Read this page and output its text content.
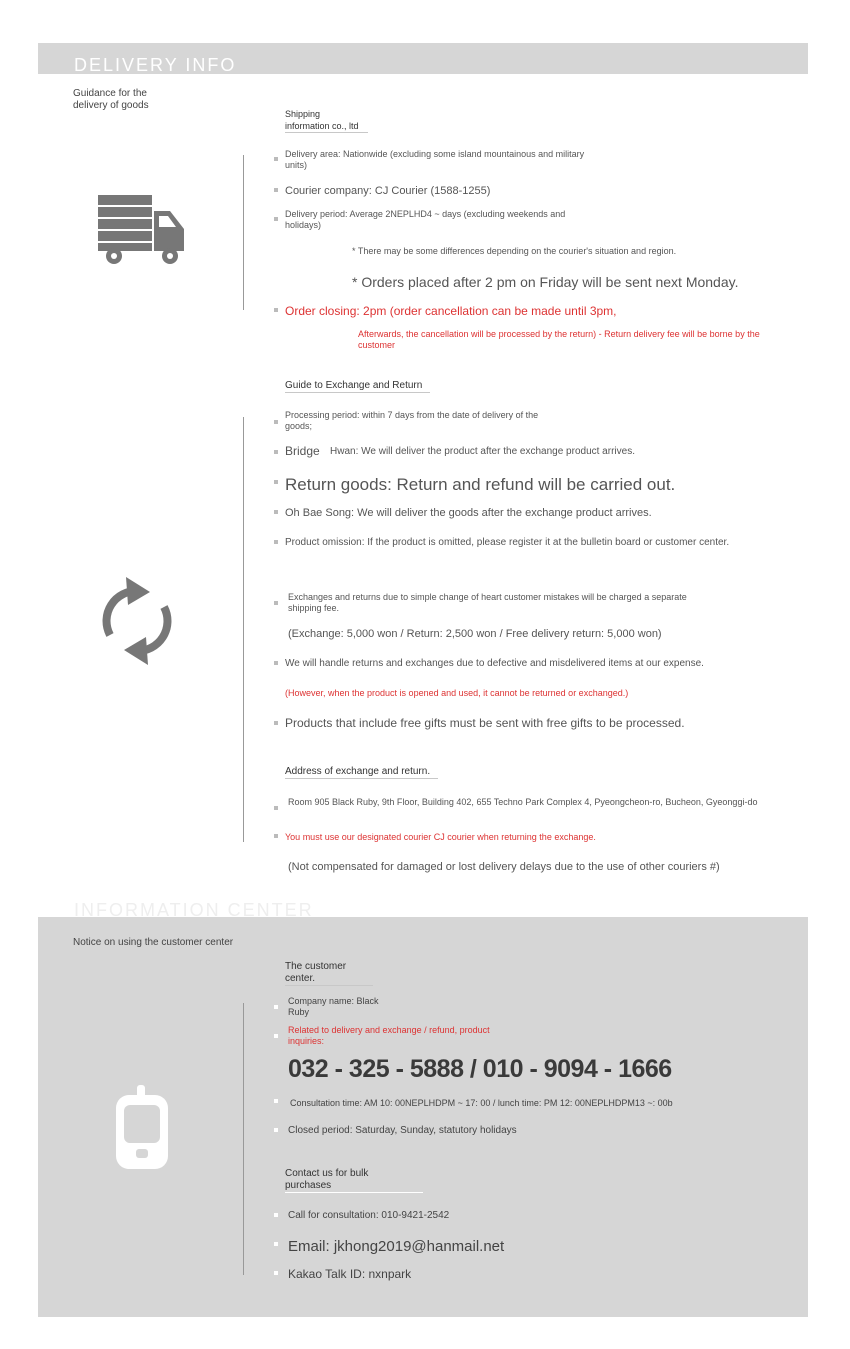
DELIVERY INFO
Guidance for the delivery of goods
Shipping information co., ltd
Delivery area: Nationwide (excluding some island mountainous and military units)
Courier company: CJ Courier (1588-1255)
Delivery period: Average 2NEPLHD4 ~ days (excluding weekends and holidays)
* There may be some differences depending on the courier's situation and region.
* Orders placed after 2 pm on Friday will be sent next Monday.
Order closing: 2pm (order cancellation can be made until 3pm,
Afterwards, the cancellation will be processed by the return) - Return delivery fee will be borne by the customer
Guide to Exchange and Return
Processing period: within 7 days from the date of delivery of the goods;
Bridge Hwan: We will deliver the product after the exchange product arrives.
Return goods: Return and refund will be carried out.
Oh Bae Song: We will deliver the goods after the exchange product arrives.
Product omission: If the product is omitted, please register it at the bulletin board or customer center.
Exchanges and returns due to simple change of heart customer mistakes will be charged a separate shipping fee.
(Exchange: 5,000 won / Return: 2,500 won / Free delivery return: 5,000 won)
We will handle returns and exchanges due to defective and misdelivered items at our expense.
(However, when the product is opened and used, it cannot be returned or exchanged.)
Products that include free gifts must be sent with free gifts to be processed.
Address of exchange and return.
Room 905 Black Ruby, 9th Floor, Building 402, 655 Techno Park Complex 4, Pyeongcheon-ro, Bucheon, Gyeonggi-do
You must use our designated courier CJ courier when returning the exchange.
(Not compensated for damaged or lost delivery delays due to the use of other couriers #)
INFORMATION CENTER
Notice on using the customer center
The customer center.
Company name: Black Ruby
Related to delivery and exchange / refund, product inquiries:
032 - 325 - 5888 / 010 - 9094 - 1666
Consultation time: AM 10: 00NEPLHDPM ~ 17: 00 / lunch time: PM 12: 00NEPLHDPM13 ~: 00b
Closed period: Saturday, Sunday, statutory holidays
Contact us for bulk purchases
Call for consultation: 010-9421-2542
Email: jkhong2019@hanmail.net
Kakao Talk ID: nxnpark
